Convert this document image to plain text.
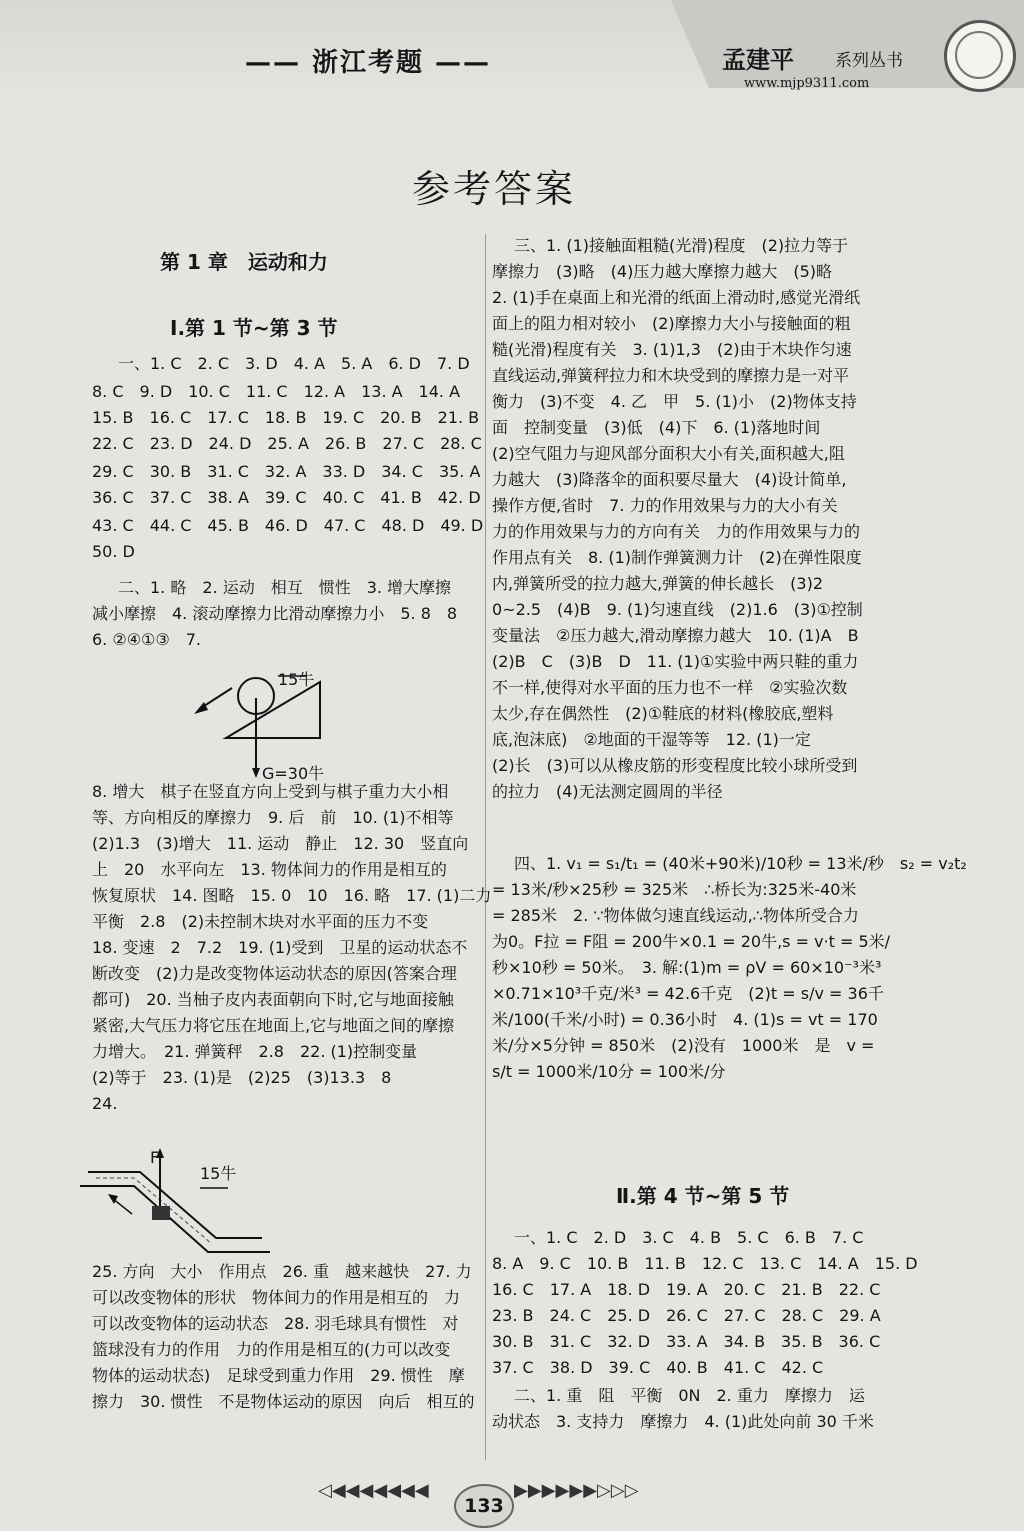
—— 浙江考题 ——	孟建平 系列丛书
www.mjp9311.com
参考答案
第 1 章　运动和力
Ⅰ.第 1 节~第 3 节
Ⅱ.第 4 节~第 5 节
一、1. C　2. C　3. D　4. A　5. A　6. D　7. D
8. C　9. D　10. C　11. C　12. A　13. A　14. A
15. B　16. C　17. C　18. B　19. C　20. B　21. B
22. C　23. D　24. D　25. A　26. B　27. C　28. C
29. C　30. B　31. C　32. A　33. D　34. C　35. A
36. C　37. C　38. A　39. C　40. C　41. B　42. D
43. C　44. C　45. B　46. D　47. C　48. D　49. D
50. D
二、1. 略　2. 运动　相互　惯性　3. 增大摩擦
减小摩擦　4. 滚动摩擦力比滑动摩擦力小　5. 8　8
6. ②④①③　7.
8. 增大　棋子在竖直方向上受到与棋子重力大小相
等、方向相反的摩擦力　9. 后　前　10. (1)不相等
(2)1.3　(3)增大　11. 运动　静止　12. 30　竖直向
上　20　水平向左　13. 物体间力的作用是相互的
恢复原状　14. 图略　15. 0　10　16. 略　17. (1)二力
平衡　2.8　(2)未控制木块对水平面的压力不变
18. 变速　2　7.2　19. (1)受到　卫星的运动状态不
断改变　(2)力是改变物体运动状态的原因(答案合理
都可)　20. 当柚子皮内表面朝向下时,它与地面接触
紧密,大气压力将它压在地面上,它与地面之间的摩擦
力增大。　21. 弹簧秤　2.8　22. (1)控制变量
(2)等于　23. (1)是　(2)25　(3)13.3　8
24.
25. 方向　大小　作用点　26. 重　越来越快　27. 力
可以改变物体的形状　物体间力的作用是相互的　力
可以改变物体的运动状态　28. 羽毛球具有惯性　对
篮球没有力的作用　力的作用是相互的(力可以改变
物体的运动状态)　足球受到重力作用　29. 惯性　摩
擦力　30. 惯性　不是物体运动的原因　向后　相互的
三、1. (1)接触面粗糙(光滑)程度　(2)拉力等于
摩擦力　(3)略　(4)压力越大摩擦力越大　(5)略
2. (1)手在桌面上和光滑的纸面上滑动时,感觉光滑纸
面上的阻力相对较小　(2)摩擦力大小与接触面的粗
糙(光滑)程度有关　3. (1)1,3　(2)由于木块作匀速
直线运动,弹簧秤拉力和木块受到的摩擦力是一对平
衡力　(3)不变　4. 乙　甲　5. (1)小　(2)物体支持
面　控制变量　(3)低　(4)下　6. (1)落地时间
(2)空气阻力与迎风部分面积大小有关,面积越大,阻
力越大　(3)降落伞的面积要尽量大　(4)设计简单,
操作方便,省时　7. 力的作用效果与力的大小有关
力的作用效果与力的方向有关　力的作用效果与力的
作用点有关　8. (1)制作弹簧测力计　(2)在弹性限度
内,弹簧所受的拉力越大,弹簧的伸长越长　(3)2
0~2.5　(4)B　9. (1)匀速直线　(2)1.6　(3)①控制
变量法　②压力越大,滑动摩擦力越大　10. (1)A　B
(2)B　C　(3)B　D　11. (1)①实验中两只鞋的重力
不一样,使得对水平面的压力也不一样　②实验次数
太少,存在偶然性　(2)①鞋底的材料(橡胶底,塑料
底,泡沫底)　②地面的干湿等等　12. (1)一定
(2)长　(3)可以从橡皮筋的形变程度比较小球所受到
的拉力　(4)无法测定圆周的半径
四、1. v₁ = s₁/t₁ = (40米+90米)/10秒 = 13米/秒　s₂ = v₂t₂
= 13米/秒×25秒 = 325米　∴桥长为:325米-40米
= 285米　2. ∵物体做匀速直线运动,∴物体所受合力
为0。F拉 = F阻 = 200牛×0.1 = 20牛,s = v·t = 5米/
秒×10秒 = 50米。　3. 解:(1)m = ρV = 60×10⁻³米³
×0.71×10³千克/米³ = 42.6千克　(2)t = s/v = 36千
米/100(千米/小时) = 0.36小时　4. (1)s = vt = 170
米/分×5分钟 = 850米　(2)没有　1000米　是　v =
s/t = 1000米/10分 = 100米/分
一、1. C　2. D　3. C　4. B　5. C　6. B　7. C
8. A　9. C　10. B　11. B　12. C　13. C　14. A　15. D
16. C　17. A　18. D　19. A　20. C　21. B　22. C
23. B　24. C　25. D　26. C　27. C　28. C　29. A
30. B　31. C　32. D　33. A　34. B　35. B　36. C
37. C　38. D　39. C　40. B　41. C　42. C
二、1. 重　阻　平衡　0N　2. 重力　摩擦力　运
动状态　3. 支持力　摩擦力　4. (1)此处向前 30 千米
15牛
G=30牛
F
15牛
◁◀◀◀◀◀◀◀	▶▶▶▶▶▶▷▷▷
133
